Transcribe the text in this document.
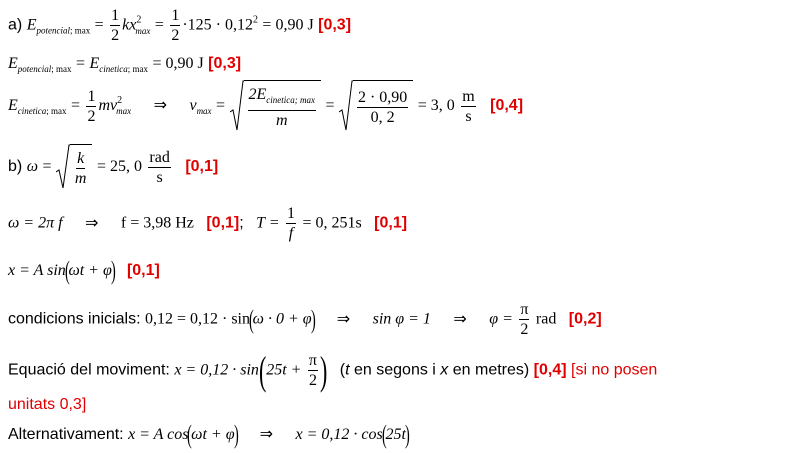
a) $E_{potencial; max} = \frac{1}{2} kx^2_{max} = \frac{1}{2} \cdot 125 \cdot 0,12^2 = 0,90$ J [0,3]
$E_{potencial; max} = E_{cinetica; max} = 0,90$ J [0,3]
$E_{cinetica; max} = \frac{1}{2} mv^2_{max}$ ⇒ $v_{max} = \frac{2E_{cinetica; max}}{m} = \frac{2 \cdot 0,90}{0, 2} = 3$, $0 \frac{m}{s} [0,4]$
b) $\omega = \frac{k}{m} = 25$, $0 \frac{\text{rad}}{s} [0,1]$
ω = 2π f ⇒ f = 3,98 Hz [0,1]; $T = \frac{1}{f} = 0$, 251s [0,1]
x = A sin(ωt + φ) [0,1]
condicions inicials: 0,12 = 0,12 · sin(ω · 0 + φ) ⇒ sin φ = 1 ⇒ $\varphi = \frac{\pi}{2}$ rad [0,2]
Equació del moviment: $x = 0,12 \cdot \sin(25t + \frac{\pi}{2}$ ) (t en segons i x en metres) [0,4] [si no posen
unitats 0,3]
Alternativament: x = A cos(ωt + φ) ⇒ x = 0,12 · cos(25t)
